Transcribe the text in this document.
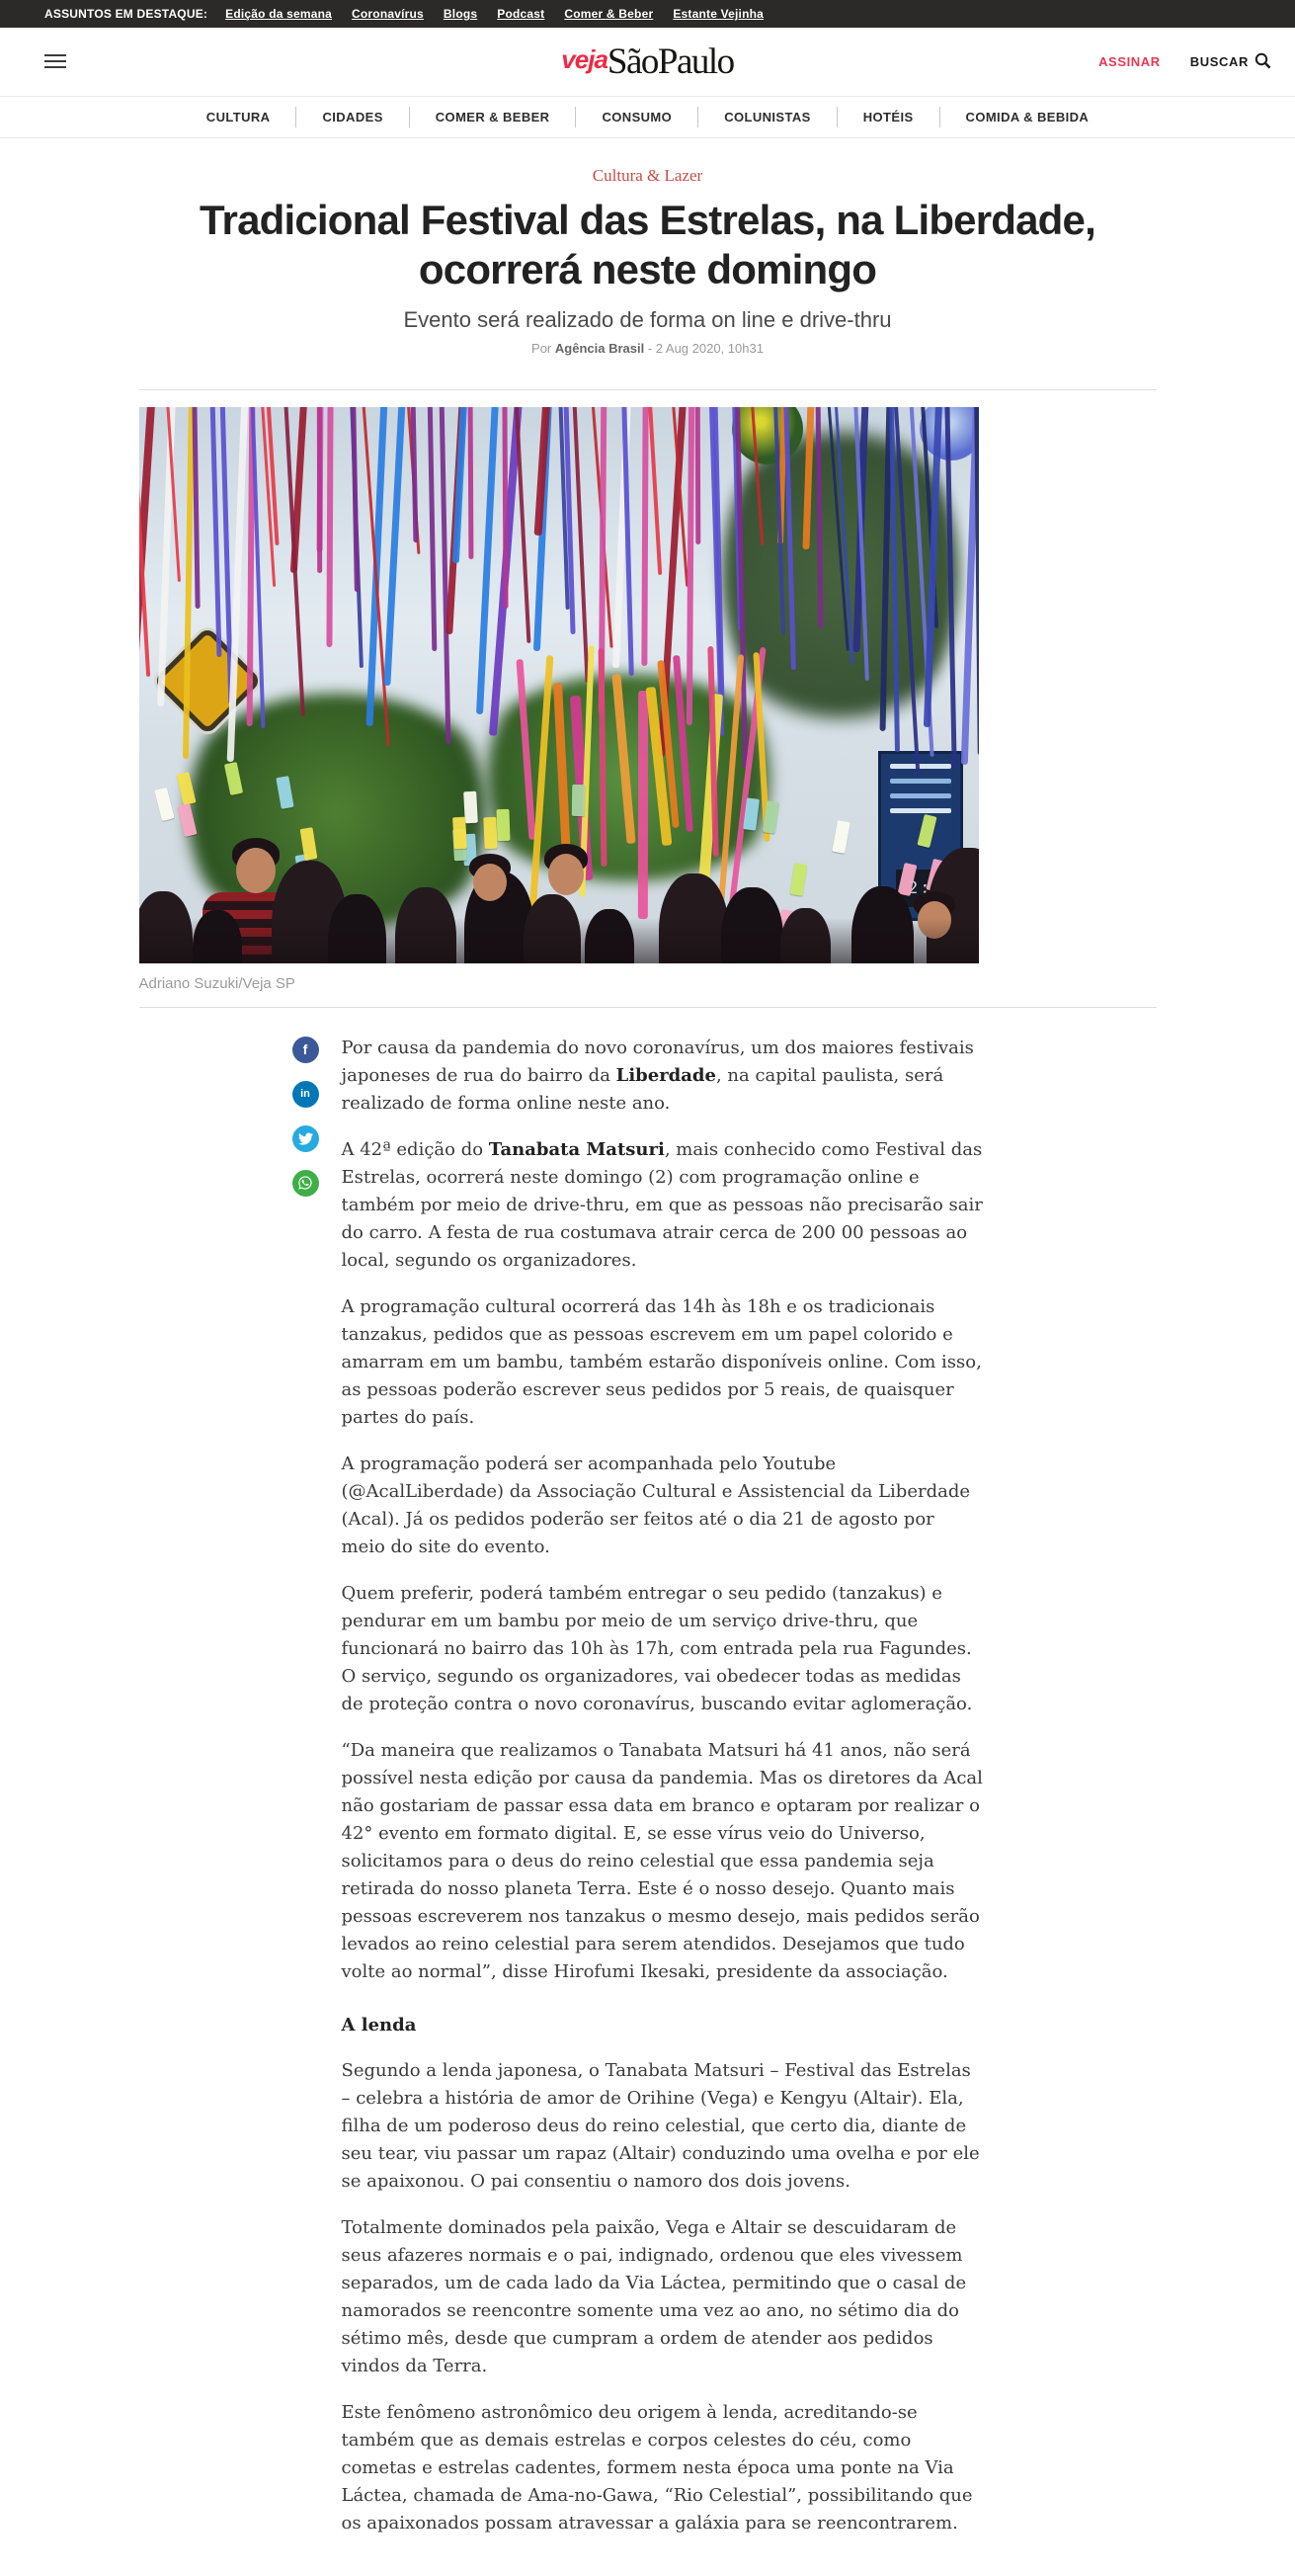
ASSUNTOS EM DESTAQUE: Edição da semana Coronavírus Blogs Podcast Comer & Beber Estante Vejinha
veja SãoPaulo	ASSINAR BUSCAR
CULTURA	CIDADES	COMER & BEBER	CONSUMO	COLUNISTAS	HOTÉIS	COMIDA & BEBIDA
Cultura & Lazer
Tradicional Festival das Estrelas, na Liberdade, ocorrerá neste domingo
Evento será realizado de forma on line e drive-thru
Por Agência Brasil - 2 Aug 2020, 10h31
Adriano Suzuki/Veja SP
f
in

Por causa da pandemia do novo coronavírus, um dos maiores festivais japoneses de rua do bairro da Liberdade, na capital paulista, será realizado de forma online neste ano.

A 42ª edição do Tanabata Matsuri, mais conhecido como Festival das Estrelas, ocorrerá neste domingo (2) com programação online e também por meio de drive-thru, em que as pessoas não precisarão sair do carro. A festa de rua costumava atrair cerca de 200 00 pessoas ao local, segundo os organizadores.

A programação cultural ocorrerá das 14h às 18h e os tradicionais tanzakus, pedidos que as pessoas escrevem em um papel colorido e amarram em um bambu, também estarão disponíveis online. Com isso, as pessoas poderão escrever seus pedidos por 5 reais, de quaisquer partes do país.

A programação poderá ser acompanhada pelo Youtube (@AcalLiberdade) da Associação Cultural e Assistencial da Liberdade (Acal). Já os pedidos poderão ser feitos até o dia 21 de agosto por meio do site do evento.

Quem preferir, poderá também entregar o seu pedido (tanzakus) e pendurar em um bambu por meio de um serviço drive-thru, que funcionará no bairro das 10h às 17h, com entrada pela rua Fagundes. O serviço, segundo os organizadores, vai obedecer todas as medidas de proteção contra o novo coronavírus, buscando evitar aglomeração.

“Da maneira que realizamos o Tanabata Matsuri há 41 anos, não será possível nesta edição por causa da pandemia. Mas os diretores da Acal não gostariam de passar essa data em branco e optaram por realizar o 42° evento em formato digital. E, se esse vírus veio do Universo, solicitamos para o deus do reino celestial que essa pandemia seja retirada do nosso planeta Terra. Este é o nosso desejo. Quanto mais pessoas escreverem nos tanzakus o mesmo desejo, mais pedidos serão levados ao reino celestial para serem atendidos. Desejamos que tudo volte ao normal”, disse Hirofumi Ikesaki, presidente da associação.

A lenda

Segundo a lenda japonesa, o Tanabata Matsuri – Festival das Estrelas – celebra a história de amor de Orihine (Vega) e Kengyu (Altair). Ela, filha de um poderoso deus do reino celestial, que certo dia, diante de seu tear, viu passar um rapaz (Altair) conduzindo uma ovelha e por ele se apaixonou. O pai consentiu o namoro dos dois jovens.

Totalmente dominados pela paixão, Vega e Altair se descuidaram de seus afazeres normais e o pai, indignado, ordenou que eles vivessem separados, um de cada lado da Via Láctea, permitindo que o casal de namorados se reencontre somente uma vez ao ano, no sétimo dia do sétimo mês, desde que cumpram a ordem de atender aos pedidos vindos da Terra.

Este fenômeno astronômico deu origem à lenda, acreditando-se também que as demais estrelas e corpos celestes do céu, como cometas e estrelas cadentes, formem nesta época uma ponte na Via Láctea, chamada de Ama-no-Gawa, “Rio Celestial”, possibilitando que os apaixonados possam atravessar a galáxia para se reencontrarem.
